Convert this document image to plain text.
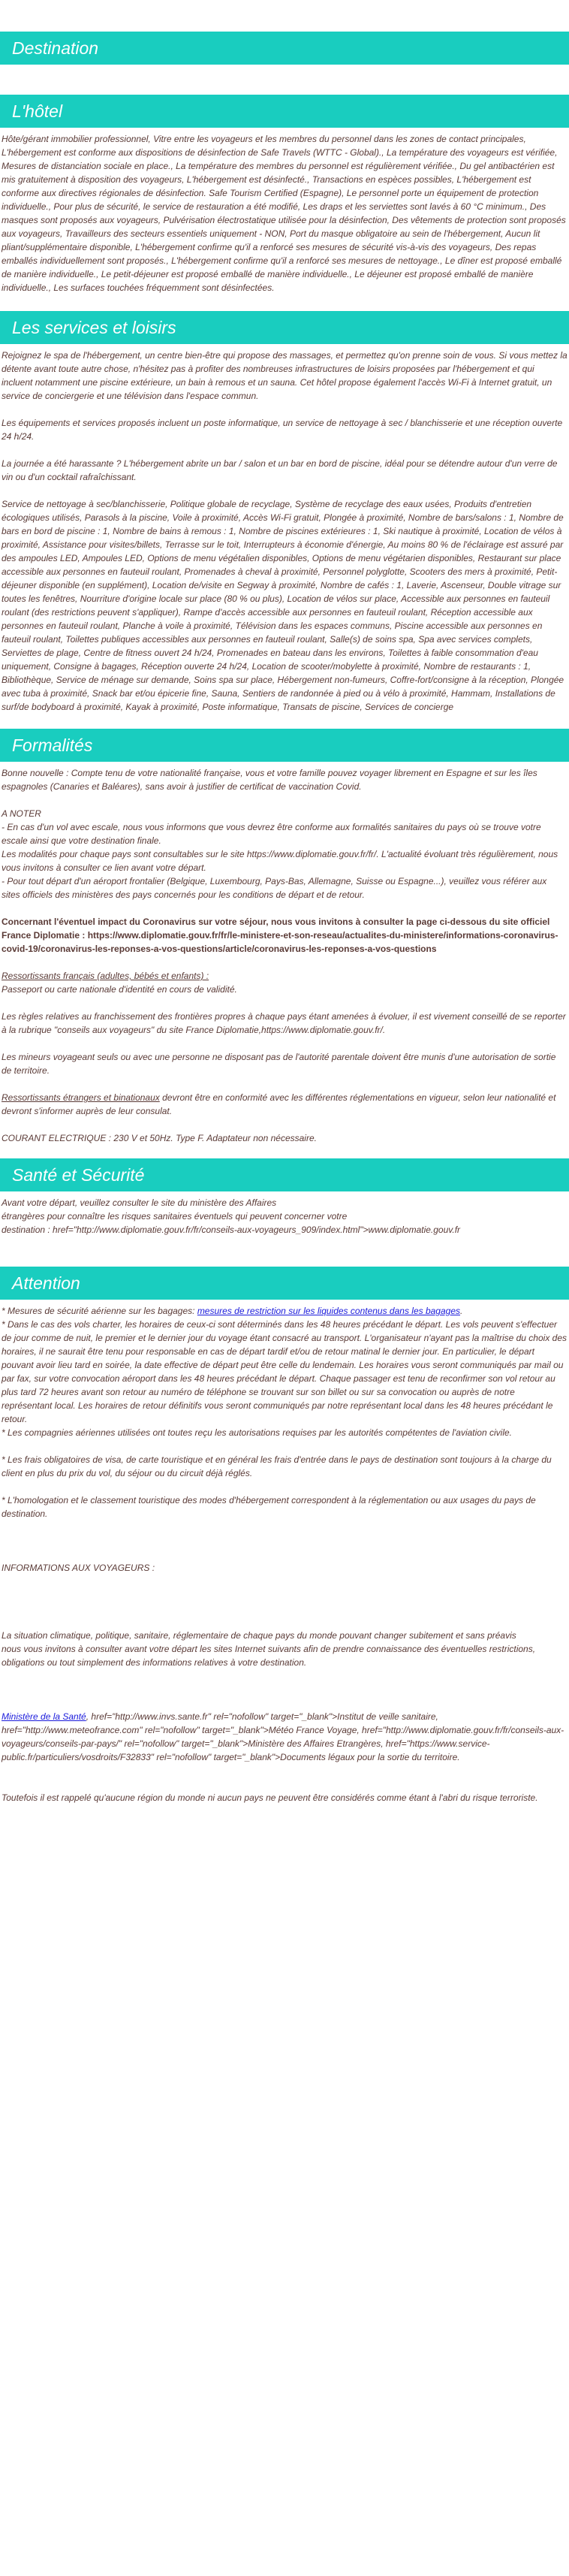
Destination
L'hôtel

Hôte/gérant immobilier professionnel, Vitre entre les voyageurs et les membres du personnel dans les zones de contact principales, L'hébergement est conforme aux dispositions de désinfection de Safe Travels (WTTC - Global)., La température des voyageurs est vérifiée, Mesures de distanciation sociale en place., La température des membres du personnel est régulièrement vérifiée., Du gel antibactérien est mis gratuitement à disposition des voyageurs, L'hébergement est désinfecté., Transactions en espèces possibles, L'hébergement est conforme aux directives régionales de désinfection. Safe Tourism Certified (Espagne), Le personnel porte un équipement de protection individuelle., Pour plus de sécurité, le service de restauration a été modifié, Les draps et les serviettes sont lavés à 60 °C minimum., Des masques sont proposés aux voyageurs, Pulvérisation électrostatique utilisée pour la désinfection, Des vêtements de protection sont proposés aux voyageurs, Travailleurs des secteurs essentiels uniquement - NON, Port du masque obligatoire au sein de l'hébergement, Aucun lit pliant/supplémentaire disponible, L'hébergement confirme qu'il a renforcé ses mesures de sécurité vis-à-vis des voyageurs, Des repas emballés individuellement sont proposés., L'hébergement confirme qu'il a renforcé ses mesures de nettoyage., Le dîner est proposé emballé de manière individuelle., Le petit-déjeuner est proposé emballé de manière individuelle., Le déjeuner est proposé emballé de manière individuelle., Les surfaces touchées fréquemment sont désinfectées.

Les services et loisirs

Rejoignez le spa de l'hébergement, un centre bien-être qui propose des massages, et permettez qu'on prenne soin de vous. Si vous mettez la détente avant toute autre chose, n'hésitez pas à profiter des nombreuses infrastructures de loisirs proposées par l'hébergement et qui incluent notamment une piscine extérieure, un bain à remous et un sauna. Cet hôtel propose également l'accès Wi-Fi à Internet gratuit, un service de conciergerie et une télévision dans l'espace commun.

Les équipements et services proposés incluent un poste informatique, un service de nettoyage à sec / blanchisserie et une réception ouverte 24 h/24.

La journée a été harassante ? L'hébergement abrite un bar / salon et un bar en bord de piscine, idéal pour se détendre autour d'un verre de vin ou d'un cocktail rafraîchissant.

Service de nettoyage à sec/blanchisserie, Politique globale de recyclage, Système de recyclage des eaux usées, Produits d'entretien écologiques utilisés, Parasols à la piscine, Voile à proximité, Accès Wi-Fi gratuit, Plongée à proximité, Nombre de bars/salons : 1, Nombre de bars en bord de piscine : 1, Nombre de bains à remous : 1, Nombre de piscines extérieures : 1, Ski nautique à proximité, Location de vélos à proximité, Assistance pour visites/billets, Terrasse sur le toit, Interrupteurs à économie d'énergie, Au moins 80 % de l'éclairage est assuré par des ampoules LED, Ampoules LED, Options de menu végétalien disponibles, Options de menu végétarien disponibles, Restaurant sur place accessible aux personnes en fauteuil roulant, Promenades à cheval à proximité, Personnel polyglotte, Scooters des mers à proximité, Petit-déjeuner disponible (en supplément), Location de/visite en Segway à proximité, Nombre de cafés : 1, Laverie, Ascenseur, Double vitrage sur toutes les fenêtres, Nourriture d'origine locale sur place (80 % ou plus), Location de vélos sur place, Accessible aux personnes en fauteuil roulant (des restrictions peuvent s'appliquer), Rampe d'accès accessible aux personnes en fauteuil roulant, Réception accessible aux personnes en fauteuil roulant, Planche à voile à proximité, Télévision dans les espaces communs, Piscine accessible aux personnes en fauteuil roulant, Toilettes publiques accessibles aux personnes en fauteuil roulant, Salle(s) de soins spa, Spa avec services complets, Serviettes de plage, Centre de fitness ouvert 24 h/24, Promenades en bateau dans les environs, Toilettes à faible consommation d'eau uniquement, Consigne à bagages, Réception ouverte 24 h/24, Location de scooter/mobylette à proximité, Nombre de restaurants : 1, Bibliothèque, Service de ménage sur demande, Soins spa sur place, Hébergement non-fumeurs, Coffre-fort/consigne à la réception, Plongée avec tuba à proximité, Snack bar et/ou épicerie fine, Sauna, Sentiers de randonnée à pied ou à vélo à proximité, Hammam, Installations de surf/de bodyboard à proximité, Kayak à proximité, Poste informatique, Transats de piscine, Services de concierge

Formalités

Bonne nouvelle : Compte tenu de votre nationalité française, vous et votre famille pouvez voyager librement en Espagne et sur les îles espagnoles (Canaries et Baléares), sans avoir à justifier de certificat de vaccination Covid.

A NOTER
- En cas d'un vol avec escale, nous vous informons que vous devrez être conforme aux formalités sanitaires du pays où se trouve votre escale ainsi que votre destination finale.
Les modalités pour chaque pays sont consultables sur le site https://www.diplomatie.gouv.fr/fr/. L'actualité évoluant très régulièrement, nous vous invitons à consulter ce lien avant votre départ.
- Pour tout départ d'un aéroport frontalier (Belgique, Luxembourg, Pays-Bas, Allemagne, Suisse ou Espagne...), veuillez vous référer aux sites officiels des ministères des pays concernés pour les conditions de départ et de retour.

Concernant l'éventuel impact du Coronavirus sur votre séjour, nous vous invitons à consulter la page ci-dessous du site officiel France Diplomatie : https://www.diplomatie.gouv.fr/fr/le-ministere-et-son-reseau/actualites-du-ministere/informations-coronavirus-covid-19/coronavirus-les-reponses-a-vos-questions/article/coronavirus-les-reponses-a-vos-questions

Ressortissants français (adultes, bébés et enfants) :
Passeport ou carte nationale d'identité en cours de validité.

Les règles relatives au franchissement des frontières propres à chaque pays étant amenées à évoluer, il est vivement conseillé de se reporter à la rubrique "conseils aux voyageurs" du site France Diplomatie,https://www.diplomatie.gouv.fr/.

Les mineurs voyageant seuls ou avec une personne ne disposant pas de l'autorité parentale doivent être munis d'une autorisation de sortie de territoire.

Ressortissants étrangers et binationaux devront être en conformité avec les différentes réglementations en vigueur, selon leur nationalité et devront s'informer auprès de leur consulat.

COURANT ELECTRIQUE : 230 V et 50Hz. Type F. Adaptateur non nécessaire.

Santé et Sécurité
Avant votre départ, veuillez consulter le site du ministère des Affaires
étrangères pour connaître les risques sanitaires éventuels qui peuvent concerner votre
destination : href="http://www.diplomatie.gouv.fr/fr/conseils-aux-voyageurs_909/index.html">www.diplomatie.gouv.fr
Attention
* Mesures de sécurité aérienne sur les bagages: mesures de restriction sur les liquides contenus dans les bagages.
* Dans le cas des vols charter, les horaires de ceux-ci sont déterminés dans les 48 heures précédant le départ. Les vols peuvent s'effectuer de jour comme de nuit, le premier et le dernier jour du voyage étant consacré au transport. L'organisateur n'ayant pas la maîtrise du choix des horaires, il ne saurait être tenu pour responsable en cas de départ tardif et/ou de retour matinal le dernier jour. En particulier, le départ pouvant avoir lieu tard en soirée, la date effective de départ peut être celle du lendemain. Les horaires vous seront communiqués par mail ou par fax, sur votre convocation aéroport dans les 48 heures précédant le départ. Chaque passager est tenu de reconfirmer son vol retour au plus tard 72 heures avant son retour au numéro de téléphone se trouvant sur son billet ou sur sa convocation ou auprès de notre représentant local. Les horaires de retour définitifs vous seront communiqués par notre représentant local dans les 48 heures précédant le retour.
* Les compagnies aériennes utilisées ont toutes reçu les autorisations requises par les autorités compétentes de l'aviation civile.
* Les frais obligatoires de visa, de carte touristique et en général les frais d'entrée dans le pays de destination sont toujours à la charge du client en plus du prix du vol, du séjour ou du circuit déjà réglés.
* L'homologation et le classement touristique des modes d'hébergement correspondent à la réglementation ou aux usages du pays de destination.
INFORMATIONS AUX VOYAGEURS :
La situation climatique, politique, sanitaire, réglementaire de chaque pays du monde pouvant changer subitement et sans préavis
nous vous invitons à consulter avant votre départ les sites Internet suivants afin de prendre connaissance des éventuelles restrictions, obligations ou tout simplement des informations relatives à votre destination.
Ministère de la Santé, href="http://www.invs.sante.fr" rel="nofollow" target="_blank">Institut de veille sanitaire, href="http://www.meteofrance.com" rel="nofollow" target="_blank">Météo France Voyage, href="http://www.diplomatie.gouv.fr/fr/conseils-aux-voyageurs/conseils-par-pays/" rel="nofollow" target="_blank">Ministère des Affaires Etrangères, href="https://www.service-public.fr/particuliers/vosdroits/F32833" rel="nofollow" target="_blank">Documents légaux pour la sortie du territoire.
Toutefois il est rappelé qu'aucune région du monde ni aucun pays ne peuvent être considérés comme étant à l'abri du risque terroriste.
